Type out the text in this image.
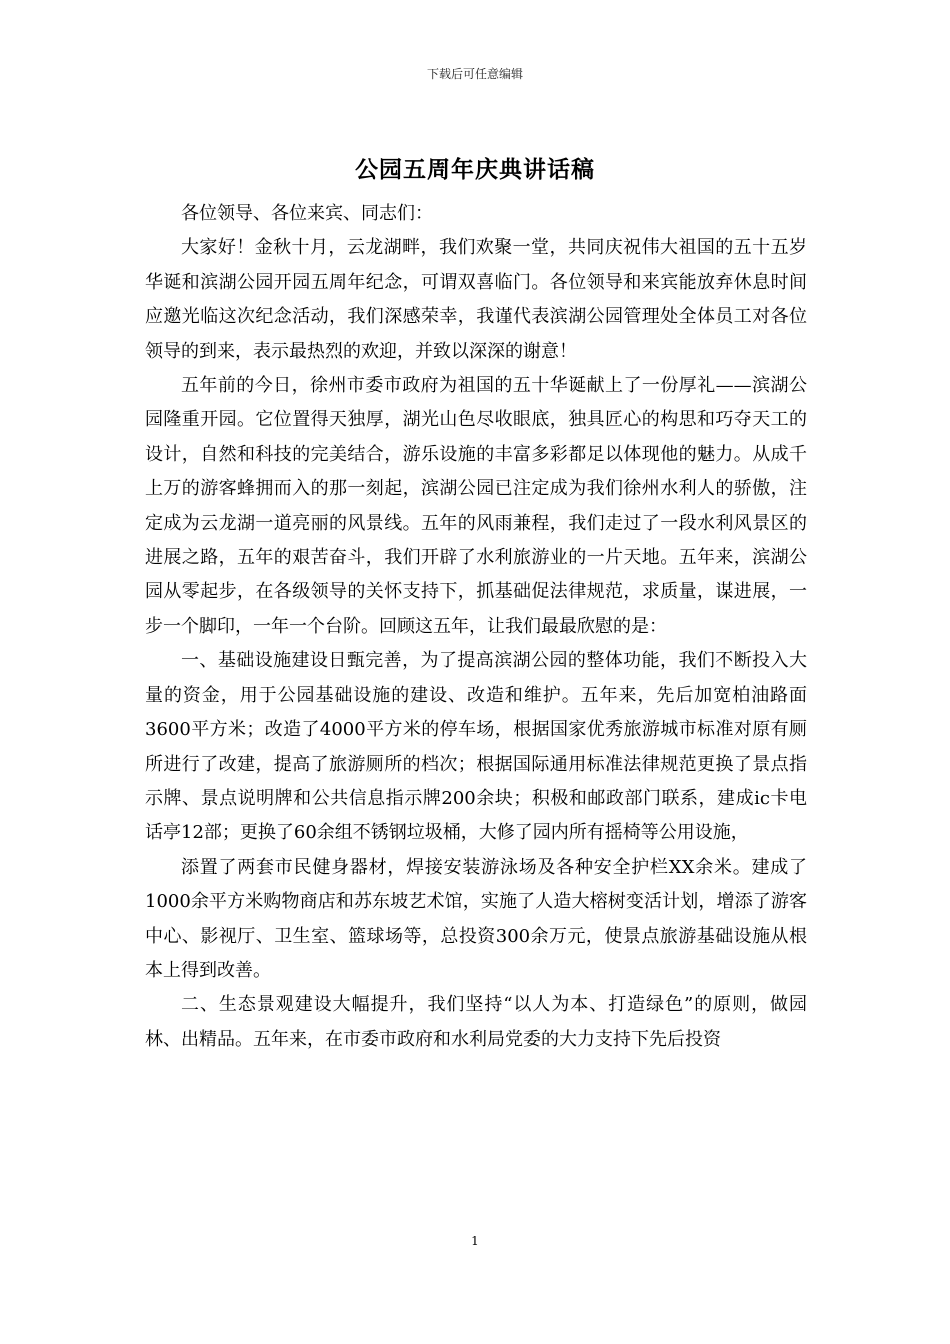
下载后可任意编辑
公园五周年庆典讲话稿

各位领导、各位来宾、同志们：

大家好！金秋十月，云龙湖畔，我们欢聚一堂，共同庆祝伟大祖国的五十五岁华诞和滨湖公园开园五周年纪念，可谓双喜临门。各位领导和来宾能放弃休息时间应邀光临这次纪念活动，我们深感荣幸，我谨代表滨湖公园管理处全体员工对各位领导的到来，表示最热烈的欢迎，并致以深深的谢意！

五年前的今日，徐州市委市政府为祖国的五十华诞献上了一份厚礼——滨湖公园隆重开园。它位置得天独厚，湖光山色尽收眼底，独具匠心的构思和巧夺天工的设计，自然和科技的完美结合，游乐设施的丰富多彩都足以体现他的魅力。从成千上万的游客蜂拥而入的那一刻起，滨湖公园已注定成为我们徐州水利人的骄傲，注定成为云龙湖一道亮丽的风景线。五年的风雨兼程，我们走过了一段水利风景区的进展之路，五年的艰苦奋斗，我们开辟了水利旅游业的一片天地。五年来，滨湖公园从零起步，在各级领导的关怀支持下，抓基础促法律规范，求质量，谋进展，一步一个脚印，一年一个台阶。回顾这五年，让我们最最欣慰的是：

一、基础设施建设日甄完善，为了提高滨湖公园的整体功能，我们不断投入大量的资金，用于公园基础设施的建设、改造和维护。五年来，先后加宽柏油路面3600平方米；改造了4000平方米的停车场，根据国家优秀旅游城市标准对原有厕所进行了改建，提高了旅游厕所的档次；根据国际通用标准法律规范更换了景点指示牌、景点说明牌和公共信息指示牌200余块；积极和邮政部门联系，建成ic卡电话亭12部；更换了60余组不锈钢垃圾桶，大修了园内所有摇椅等公用设施，

添置了两套市民健身器材，焊接安装游泳场及各种安全护栏XX余米。建成了1000余平方米购物商店和苏东坡艺术馆，实施了人造大榕树变活计划，增添了游客中心、影视厅、卫生室、篮球场等，总投资300余万元，使景点旅游基础设施从根本上得到改善。

二、生态景观建设大幅提升，我们坚持“以人为本、打造绿色”的原则，做园林、出精品。五年来，在市委市政府和水利局党委的大力支持下先后投资

1
